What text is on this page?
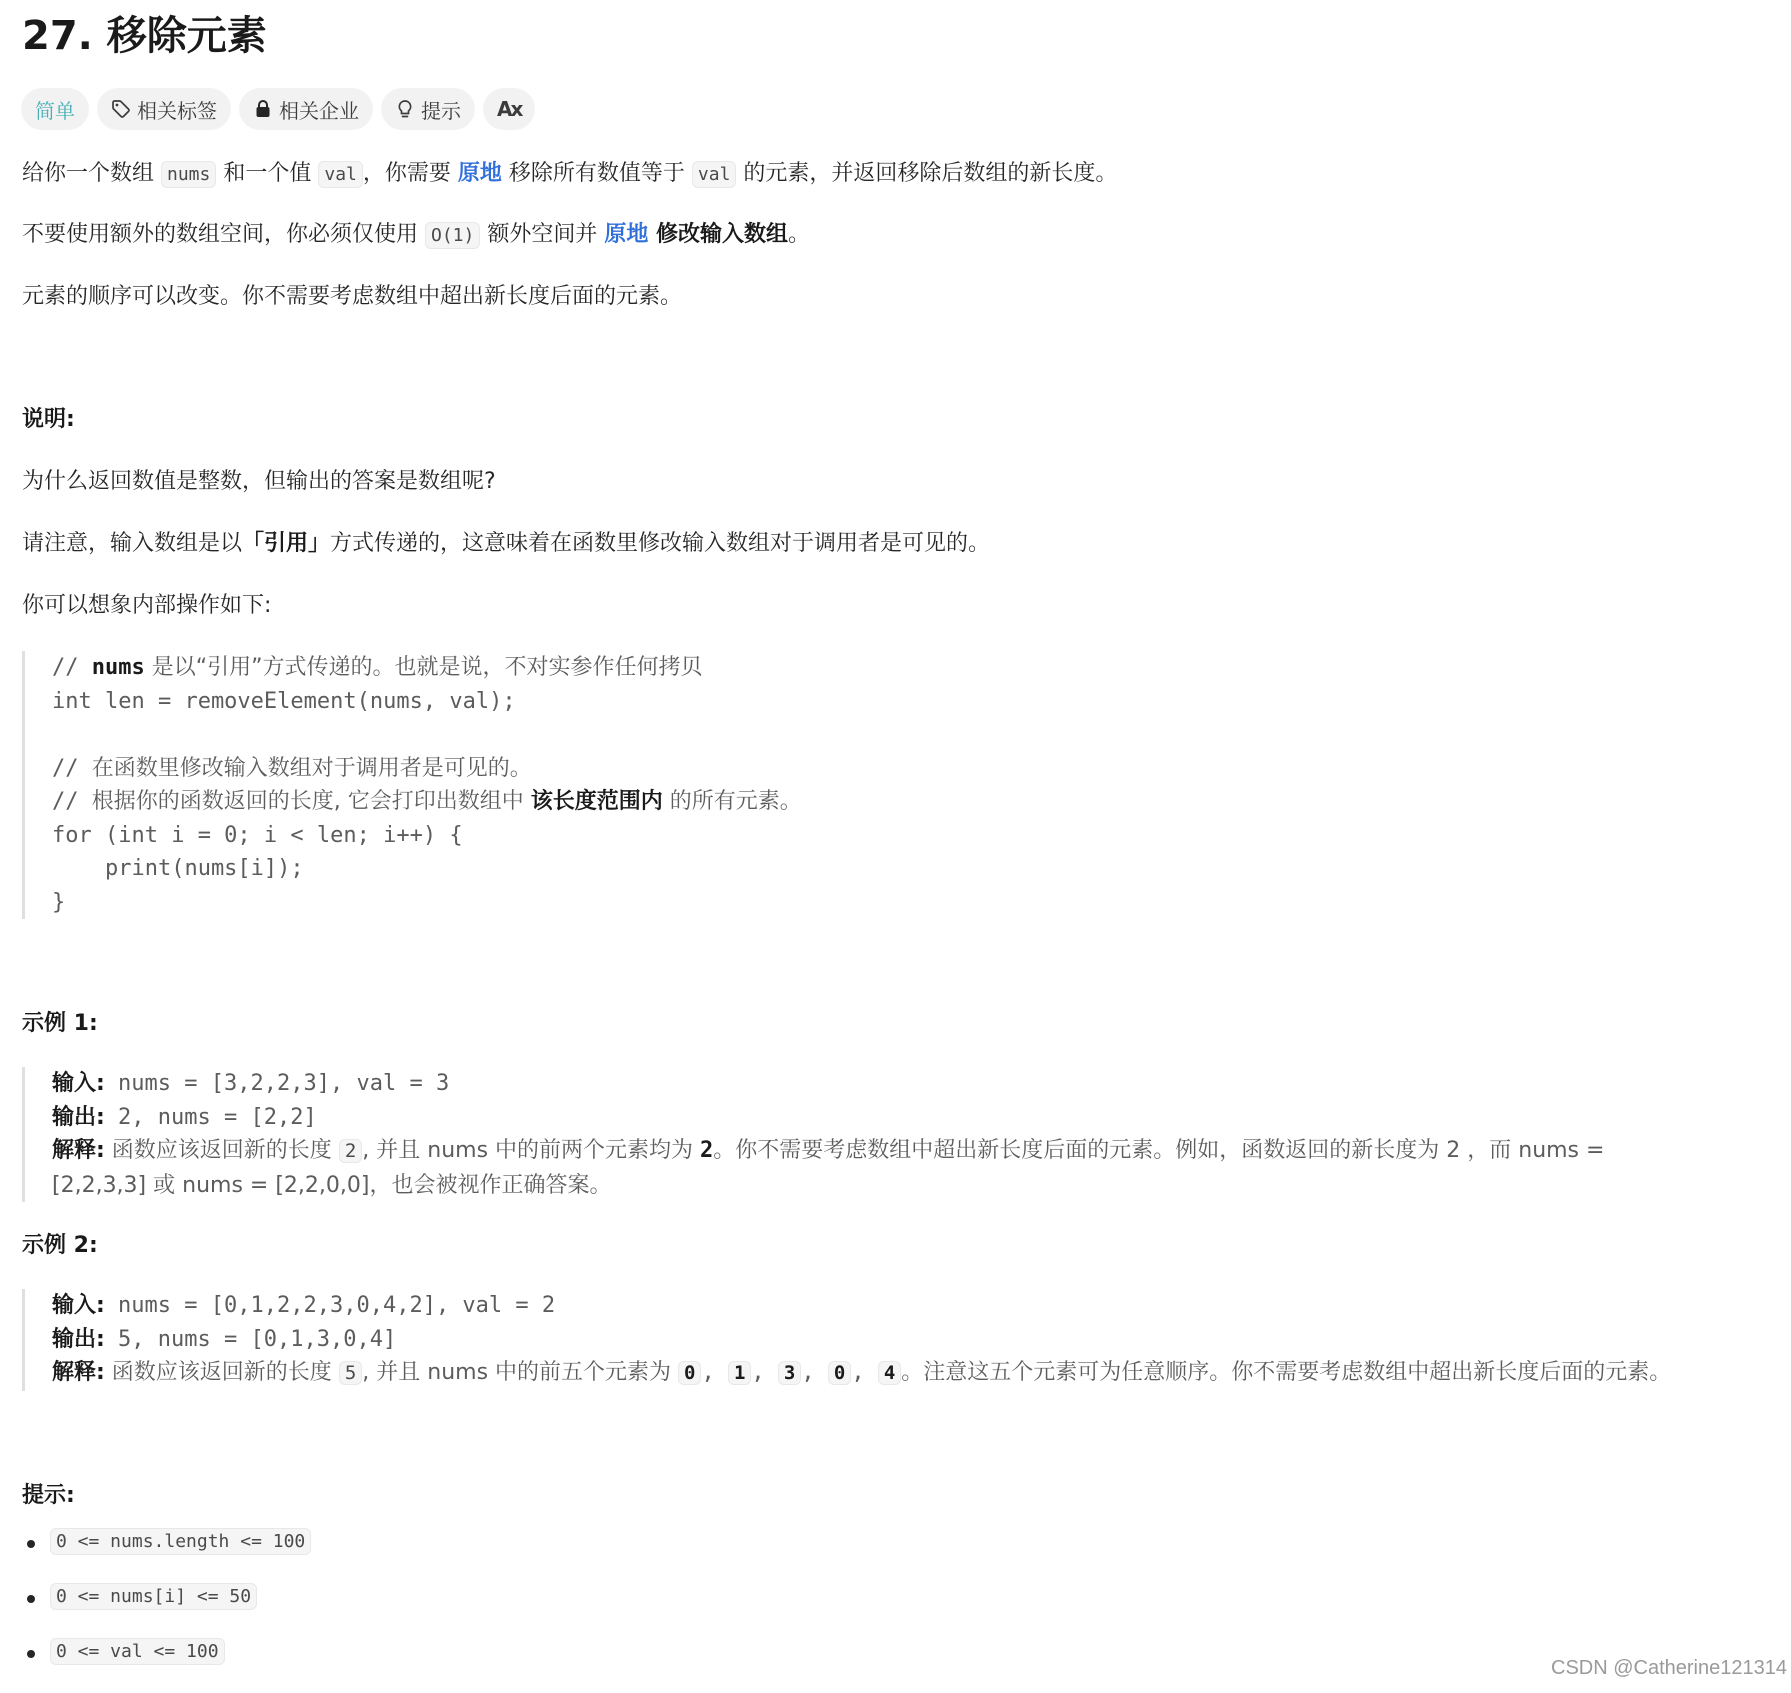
27. 移除元素
简单	相关标签	相关企业	提示 Ax

给你一个数组 nums 和一个值 val ，你需要 原地 移除所有数值等于 val 的元素，并返回移除后数组的新长度。

不要使用额外的数组空间，你必须仅使用 O(1) 额外空间并 原地 修改输入数组。

元素的顺序可以改变。你不需要考虑数组中超出新长度后面的元素。

说明:

为什么返回数值是整数，但输出的答案是数组呢?

请注意，输入数组是以「引用」方式传递的，这意味着在函数里修改输入数组对于调用者是可见的。

你可以想象内部操作如下:

// nums 是以“引用”方式传递的。也就是说，不对实参作任何拷贝
int len = removeElement(nums, val);

// 在函数里修改输入数组对于调用者是可见的。
// 根据你的函数返回的长度, 它会打印出数组中 该长度范围内 的所有元素。
for (int i = 0; i < len; i++) {
print(nums[i]);
}
示例 1:
输入: nums = [3,2,2,3], val = 3
输出: 2, nums = [2,2]
解释: 函数应该返回新的长度 2 , 并且 nums 中的前两个元素均为 2。你不需要考虑数组中超出新长度后面的元素。例如，函数返回的新长度为 2 ，而 nums =
[2,2,3,3] 或 nums = [2,2,0,0]，也会被视作正确答案。
示例 2:
输入: nums = [0,1,2,2,3,0,4,2], val = 2
输出: 5, nums = [0,1,3,0,4]
解释: 函数应该返回新的长度 5 , 并且 nums 中的前五个元素为 0 , 1 , 3 , 0 , 4 。注意这五个元素可为任意顺序。你不需要考虑数组中超出新长度后面的元素。
提示:
0 <= nums.length <= 100
0 <= nums[i] <= 50
0 <= val <= 100
CSDN @Catherine121314
